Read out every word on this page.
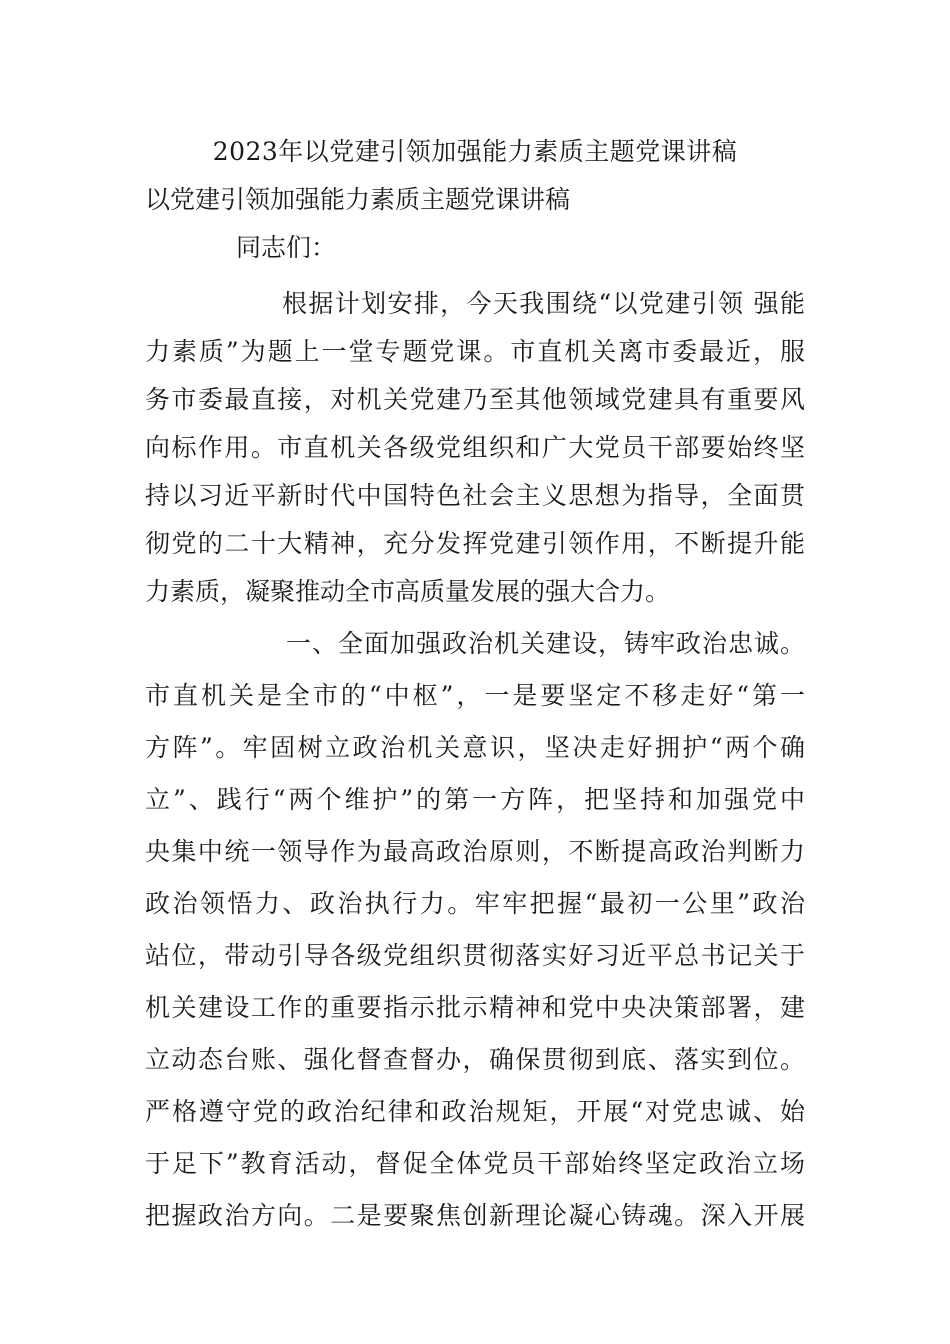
2023年以党建引领加强能力素质主题党课讲稿
以党建引领加强能力素质主题党课讲稿
同志们：
根据计划安排，今天我围绕“以党建引领 强能
力素质”为题上一堂专题党课。市直机关离市委最近，服
务市委最直接，对机关党建乃至其他领域党建具有重要风
向标作用。市直机关各级党组织和广大党员干部要始终坚
持以习近平新时代中国特色社会主义思想为指导，全面贯
彻党的二十大精神，充分发挥党建引领作用，不断提升能
力素质，凝聚推动全市高质量发展的强大合力。
一、全面加强政治机关建设，铸牢政治忠诚。
市直机关是全市的“中枢”，一是要坚定不移走好“第一
方阵”。牢固树立政治机关意识，坚决走好拥护“两个确
立”、践行“两个维护”的第一方阵，把坚持和加强党中
央集中统一领导作为最高政治原则，不断提高政治判断力
政治领悟力、政治执行力。牢牢把握“最初一公里”政治
站位，带动引导各级党组织贯彻落实好习近平总书记关于
机关建设工作的重要指示批示精神和党中央决策部署，建
立动态台账、强化督查督办，确保贯彻到底、落实到位。
严格遵守党的政治纪律和政治规矩，开展“对党忠诚、始
于足下”教育活动，督促全体党员干部始终坚定政治立场
把握政治方向。二是要聚焦创新理论凝心铸魂。深入开展
